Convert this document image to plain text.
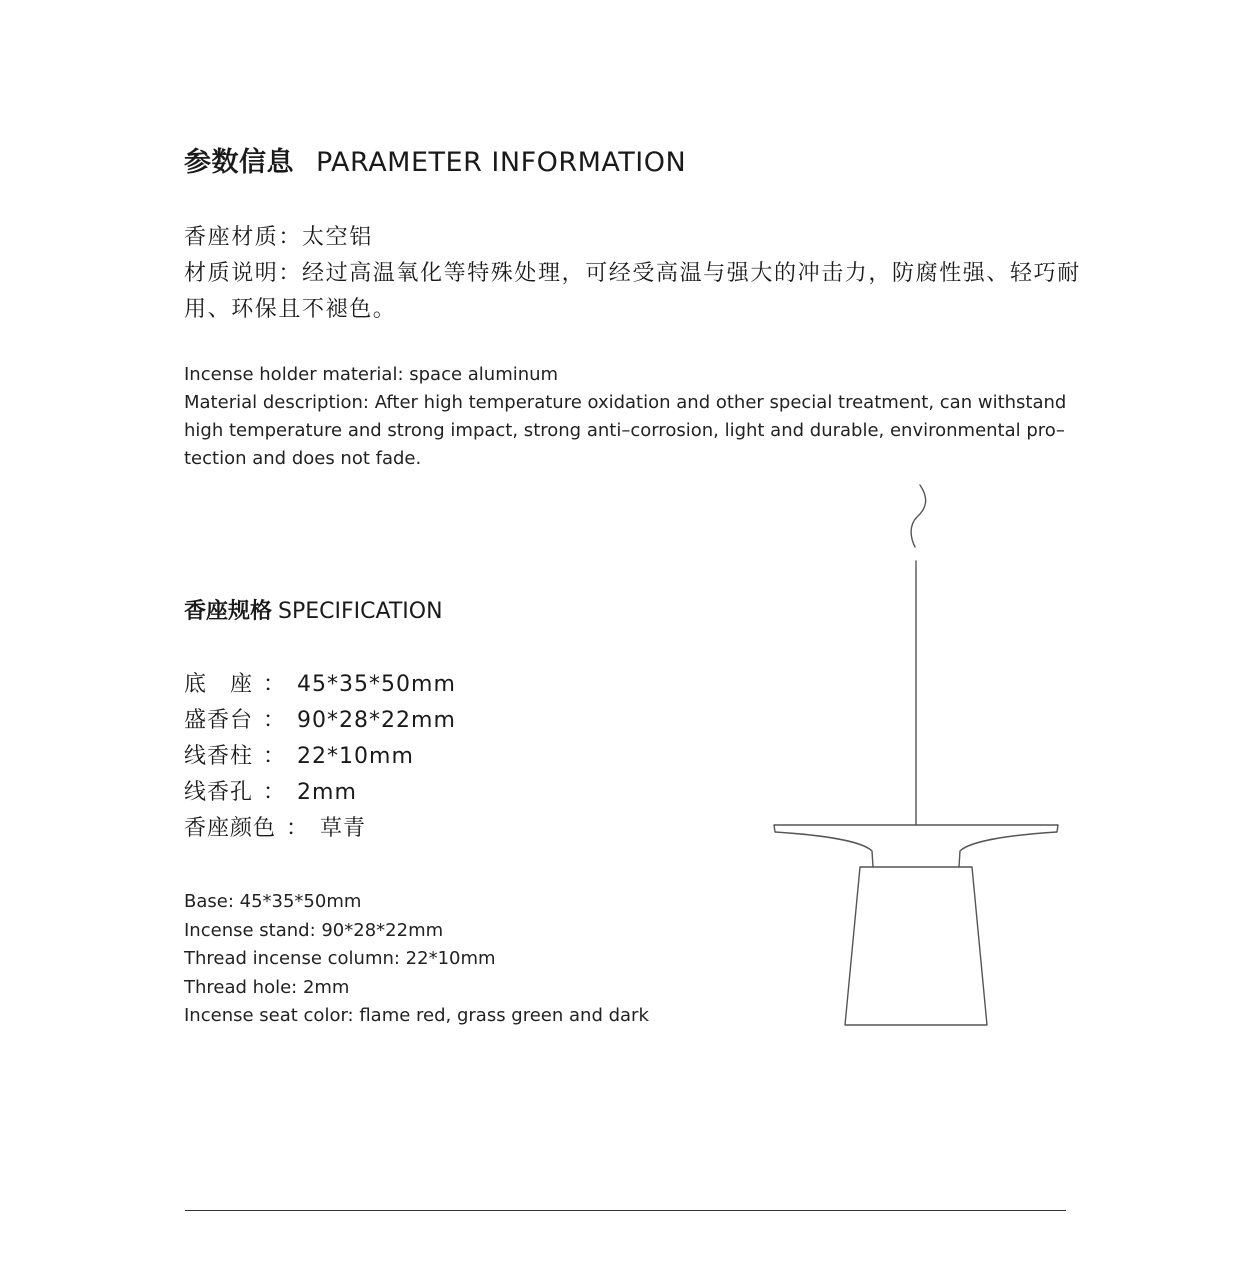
参数信息 PARAMETER INFORMATION

香座材质：太空铝

材质说明：经过高温氧化等特殊处理，可经受高温与强大的冲击力，防腐性强、轻巧耐用、环保且不褪色。

Incense holder material: space aluminum

Material description: After high temperature oxidation and other special treatment, can withstand high temperature and strong impact, strong anti–corrosion, light and durable, environmental pro–tection and does not fade.

香座规格 SPECIFICATION
底　座 ： 45*35*50mm
盛香台 ： 90*28*22mm
线香柱 ： 22*10mm
线香孔 ： 2mm
香座颜色 ： 草青

Base: 45*35*50mm

Incense stand: 90*28*22mm

Thread incense column: 22*10mm

Thread hole: 2mm

Incense seat color: flame red, grass green and dark
